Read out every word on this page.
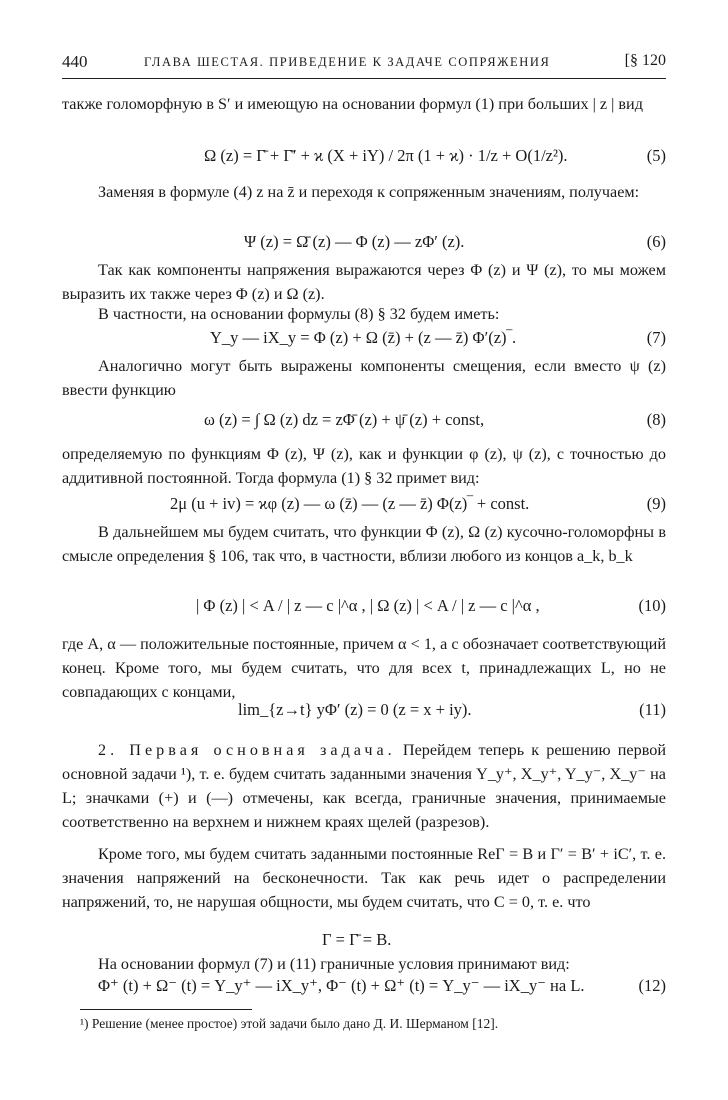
440	ГЛАВА ШЕСТАЯ. ПРИВЕДЕНИЕ К ЗАДАЧЕ СОПРЯЖЕНИЯ	[§ 120
также голоморфную в S′ и имеющую на основании формул (1) при больших | z | вид
Ω (z) = Γ̄ + Γ̄′ + ϰ (X + iY) / 2π (1 + ϰ) · 1/z + O(1/z²).	(5)
Заменяя в формуле (4) z на z̄ и переходя к сопряженным значениям, получаем:
Ψ (z) = Ω̄ (z) — Φ (z) — zΦ′ (z).	(6)
Так как компоненты напряжения выражаются через Φ (z) и Ψ (z), то мы можем выразить их также через Φ (z) и Ω (z).
В частности, на основании формулы (8) § 32 будем иметь:
Y_y — iX_y = Φ (z) + Ω (z̄) + (z — z̄) Φ′(z)‾.	(7)
Аналогично могут быть выражены компоненты смещения, если вместо ψ (z) ввести функцию
ω (z) = ∫ Ω (z) dz = zΦ̄ (z) + ψ̄ (z) + const,	(8)
определяемую по функциям Φ (z), Ψ (z), как и функции φ (z), ψ (z), с точностью до аддитивной постоянной. Тогда формула (1) § 32 примет вид:
2μ (u + iv) = ϰφ (z) — ω (z̄) — (z — z̄) Φ(z)‾ + const.	(9)
В дальнейшем мы будем считать, что функции Φ (z), Ω (z) кусочно-голоморфны в смысле определения § 106, так что, в частности, вблизи любого из концов a_k, b_k
| Φ (z) | < A / | z — c |^α , | Ω (z) | < A / | z — c |^α ,	(10)
где A, α — положительные постоянные, причем α < 1, а c обозначает соответствующий конец. Кроме того, мы будем считать, что для всех t, принадлежащих L, но не совпадающих с концами,
lim_{z→t} yΦ′ (z) = 0 (z = x + iy).	(11)
2. Первая основная задача. Перейдем теперь к решению первой основной задачи ¹), т. е. будем считать заданными значения Y_y⁺, X_y⁺, Y_y⁻, X_y⁻ на L; значками (+) и (—) отмечены, как всегда, граничные значения, принимаемые соответственно на верхнем и нижнем краях щелей (разрезов).
Кроме того, мы будем считать заданными постоянные ReΓ = B и Γ′ = B′ + iC′, т. е. значения напряжений на бесконечности. Так как речь идет о распределении напряжений, то, не нарушая общности, мы будем считать, что C = 0, т. е. что
Γ = Γ̄ = B.
На основании формул (7) и (11) граничные условия принимают вид:
Φ⁺ (t) + Ω⁻ (t) = Y_y⁺ — iX_y⁺, Φ⁻ (t) + Ω⁺ (t) = Y_y⁻ — iX_y⁻ на L.	(12)
¹) Решение (менее простое) этой задачи было дано Д. И. Шерманом [12].
